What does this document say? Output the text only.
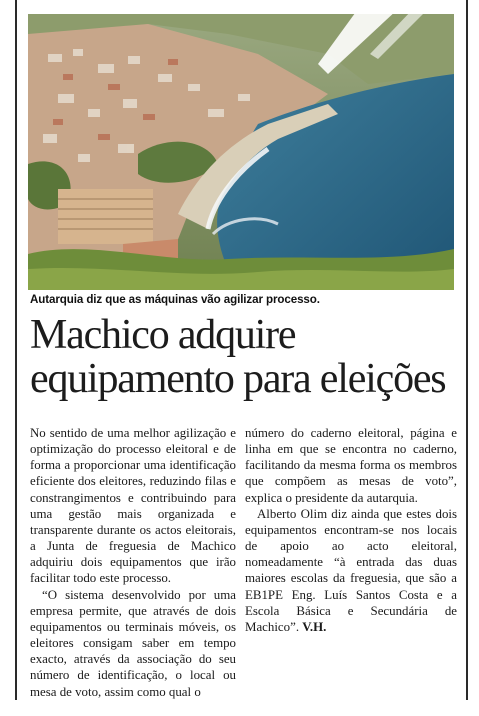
Autarquia diz que as máquinas vão agilizar processo.
Machico adquire
equipamento para eleições

No sentido de uma melhor agilização e optimização do processo eleitoral e de forma a proporcionar uma identificação eficiente dos eleitores, reduzindo filas e constrangimentos e contribuindo para uma gestão mais organizada e transparente durante os actos eleitorais, a Junta de freguesia de Machico adquiriu dois equipamentos que irão facilitar todo este processo.

“O sistema desenvolvido por uma empresa permite, que através de dois equipamentos ou terminais móveis, os eleitores consigam saber em tempo exacto, através da associação do seu número de identificação, o local ou mesa de voto, assim como qual o

número do caderno eleitoral, página e linha em que se encontra no caderno, facilitando da mesma forma os membros que compõem as mesas de voto”, explica o presidente da autarquia.

Alberto Olim diz ainda que estes dois equipamentos encontram-se nos locais de apoio ao acto eleitoral, nomeadamente “à entrada das duas maiores escolas da freguesia, que são a EB1PE Eng. Luís Santos Costa e a Escola Básica e Secundária de Machico”. V.H.
